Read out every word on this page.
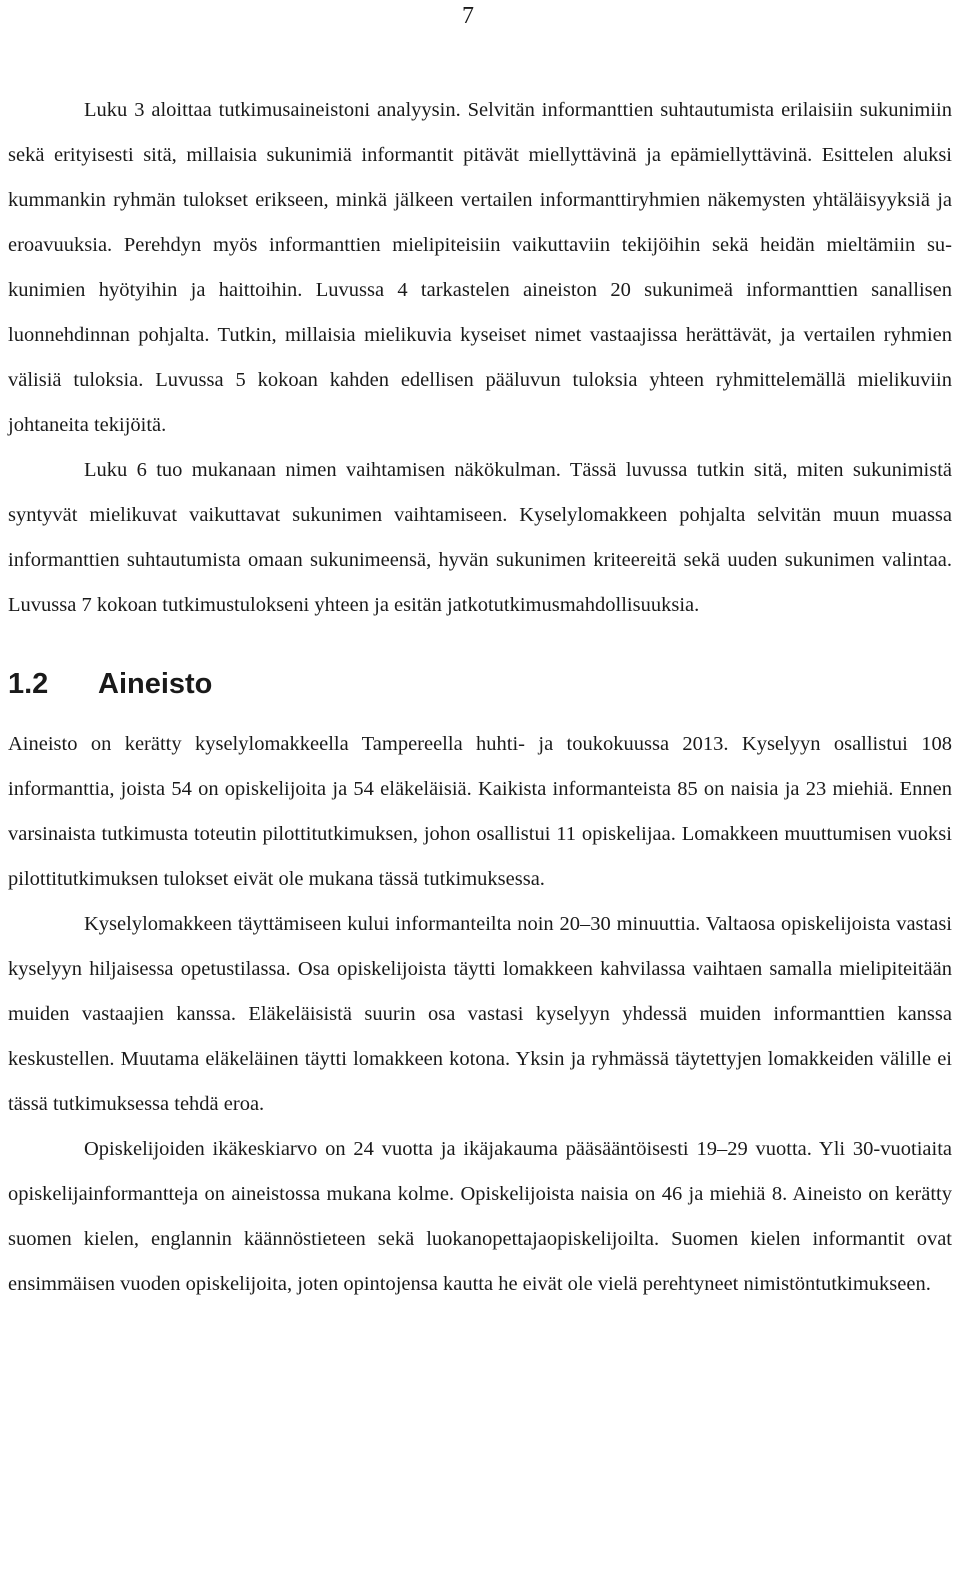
7

Luku 3 aloittaa tutkimusaineistoni analyysin. Selvitän informanttien suhtautumista erilaisiin sukunimiin sekä erityisesti sitä, millaisia sukunimiä informantit pitävät miellyttävinä ja epämiellyttävinä. Esittelen aluksi kummankin ryhmän tulokset erikseen, minkä jälkeen vertailen informanttiryhmien näkemysten yhtäläisyyksiä ja eroavuuksia. Perehdyn myös informanttien mielipiteisiin vaikuttaviin tekijöihin sekä heidän mieltämiin sukunimien hyötyihin ja haittoihin. Luvussa 4 tarkastelen aineiston 20 sukunimeä informanttien sanallisen luonnehdinnan pohjalta. Tutkin, millaisia mielikuvia kyseiset nimet vastaajissa herättävät, ja vertailen ryhmien välisiä tuloksia. Luvussa 5 kokoan kahden edellisen pääluvun tuloksia yhteen ryhmittelemällä mielikuviin johtaneita tekijöitä.

Luku 6 tuo mukanaan nimen vaihtamisen näkökulman. Tässä luvussa tutkin sitä, miten sukunimistä syntyvät mielikuvat vaikuttavat sukunimen vaihtamiseen. Kyselylomakkeen pohjalta selvitän muun muassa informanttien suhtautumista omaan sukunimeensä, hyvän sukunimen kriteereitä sekä uuden sukunimen valintaa. Luvussa 7 kokoan tutkimustulokseni yhteen ja esitän jatkotutkimusmahdollisuuksia.

1.2	Aineisto

Aineisto on kerätty kyselylomakkeella Tampereella huhti- ja toukokuussa 2013. Kyselyyn osallistui 108 informanttia, joista 54 on opiskelijoita ja 54 eläkeläisiä. Kaikista informanteista 85 on naisia ja 23 miehiä. Ennen varsinaista tutkimusta toteutin pilottitutkimuksen, johon osallistui 11 opiskelijaa. Lomakkeen muuttumisen vuoksi pilottitutkimuksen tulokset eivät ole mukana tässä tutkimuksessa.

Kyselylomakkeen täyttämiseen kului informanteilta noin 20–30 minuuttia. Valtaosa opiskelijoista vastasi kyselyyn hiljaisessa opetustilassa. Osa opiskelijoista täytti lomakkeen kahvilassa vaihtaen samalla mielipiteitään muiden vastaajien kanssa. Eläkeläisistä suurin osa vastasi kyselyyn yhdessä muiden informanttien kanssa keskustellen. Muutama eläkeläinen täytti lomakkeen kotona. Yksin ja ryhmässä täytettyjen lomakkeiden välille ei tässä tutkimuksessa tehdä eroa.

Opiskelijoiden ikäkeskiarvo on 24 vuotta ja ikäjakauma pääsääntöisesti 19–29 vuotta. Yli 30-vuotiaita opiskelijainformantteja on aineistossa mukana kolme. Opiskelijoista naisia on 46 ja miehiä 8. Aineisto on kerätty suomen kielen, englannin käännöstieteen sekä luokanopettajaopiskelijoilta. Suomen kielen informantit ovat ensimmäisen vuoden opiskelijoita, joten opintojensa kautta he eivät ole vielä perehtyneet nimistöntutkimukseen.
